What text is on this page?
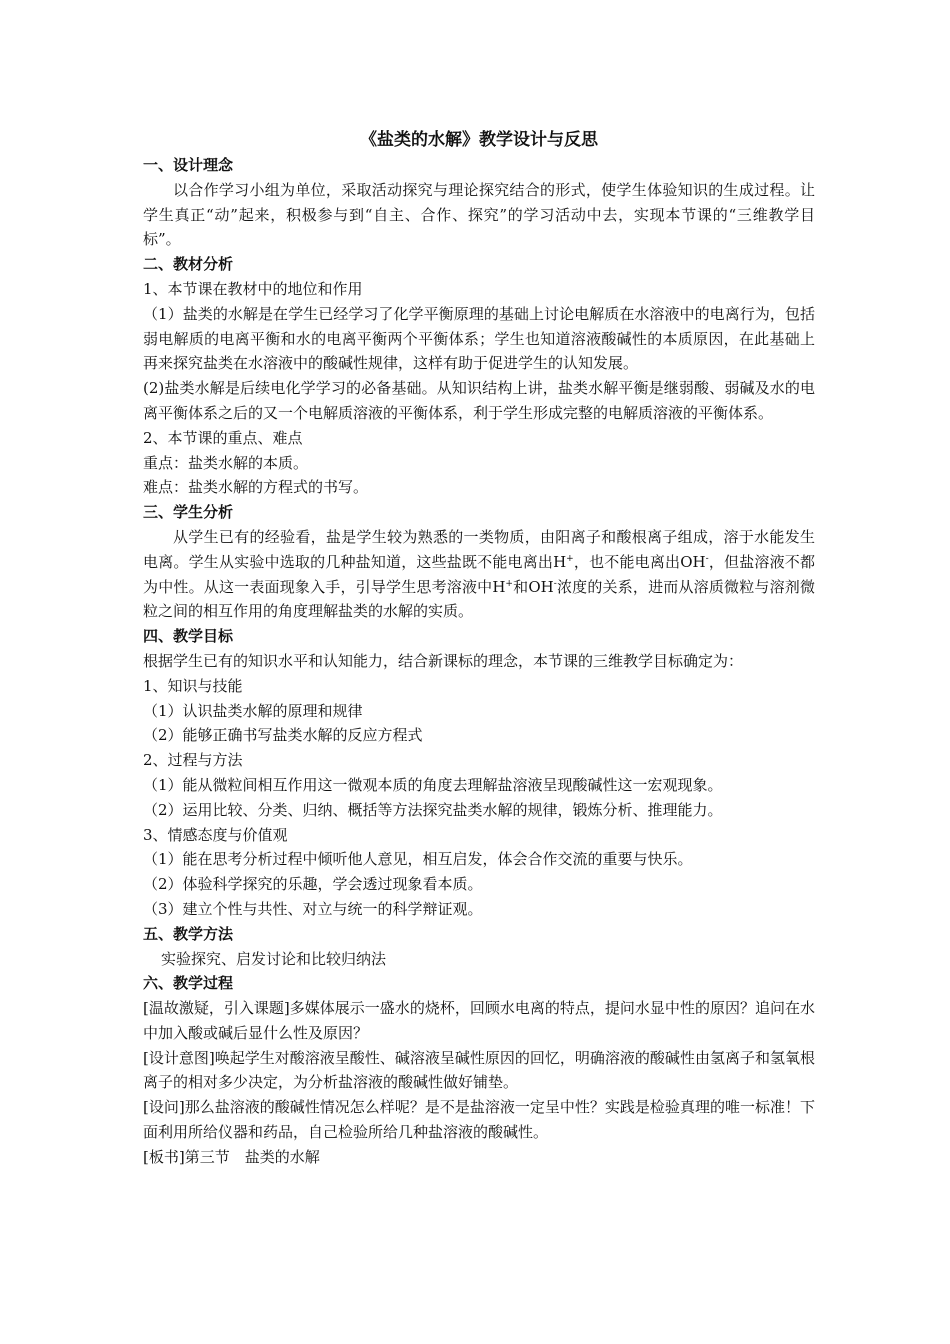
《盐类的水解》教学设计与反思
一、设计理念

以合作学习小组为单位，采取活动探究与理论探究结合的形式，使学生体验知识的生成过程。让学生真正“动”起来，积极参与到“自主、合作、探究”的学习活动中去，实现本节课的“三维教学目标”。

二、教材分析

1、本节课在教材中的地位和作用

（1）盐类的水解是在学生已经学习了化学平衡原理的基础上讨论电解质在水溶液中的电离行为，包括弱电解质的电离平衡和水的电离平衡两个平衡体系；学生也知道溶液酸碱性的本质原因，在此基础上再来探究盐类在水溶液中的酸碱性规律，这样有助于促进学生的认知发展。

(2)盐类水解是后续电化学学习的必备基础。从知识结构上讲，盐类水解平衡是继弱酸、弱碱及水的电离平衡体系之后的又一个电解质溶液的平衡体系，利于学生形成完整的电解质溶液的平衡体系。

2、本节课的重点、难点

重点：盐类水解的本质。

难点：盐类水解的方程式的书写。

三、学生分析

从学生已有的经验看，盐是学生较为熟悉的一类物质，由阳离子和酸根离子组成，溶于水能发生电离。学生从实验中选取的几种盐知道，这些盐既不能电离出H+，也不能电离出OH-，但盐溶液不都为中性。从这一表面现象入手，引导学生思考溶液中H+和OH-浓度的关系，进而从溶质微粒与溶剂微粒之间的相互作用的角度理解盐类的水解的实质。

四、教学目标

根据学生已有的知识水平和认知能力，结合新课标的理念，本节课的三维教学目标确定为：

1、知识与技能

（1）认识盐类水解的原理和规律

（2）能够正确书写盐类水解的反应方程式

2、过程与方法

（1）能从微粒间相互作用这一微观本质的角度去理解盐溶液呈现酸碱性这一宏观现象。

（2）运用比较、分类、归纳、概括等方法探究盐类水解的规律，锻炼分析、推理能力。

3、情感态度与价值观

（1）能在思考分析过程中倾听他人意见，相互启发，体会合作交流的重要与快乐。

（2）体验科学探究的乐趣，学会透过现象看本质。

（3）建立个性与共性、对立与统一的科学辩证观。

五、教学方法

实验探究、启发讨论和比较归纳法

六、教学过程

[温故激疑，引入课题]多媒体展示一盛水的烧杯，回顾水电离的特点，提问水显中性的原因？追问在水中加入酸或碱后显什么性及原因？

[设计意图]唤起学生对酸溶液呈酸性、碱溶液呈碱性原因的回忆，明确溶液的酸碱性由氢离子和氢氧根离子的相对多少决定，为分析盐溶液的酸碱性做好铺垫。

[设问]那么盐溶液的酸碱性情况怎么样呢？是不是盐溶液一定呈中性？实践是检验真理的唯一标准！下面利用所给仪器和药品，自己检验所给几种盐溶液的酸碱性。

[板书]第三节　盐类的水解
